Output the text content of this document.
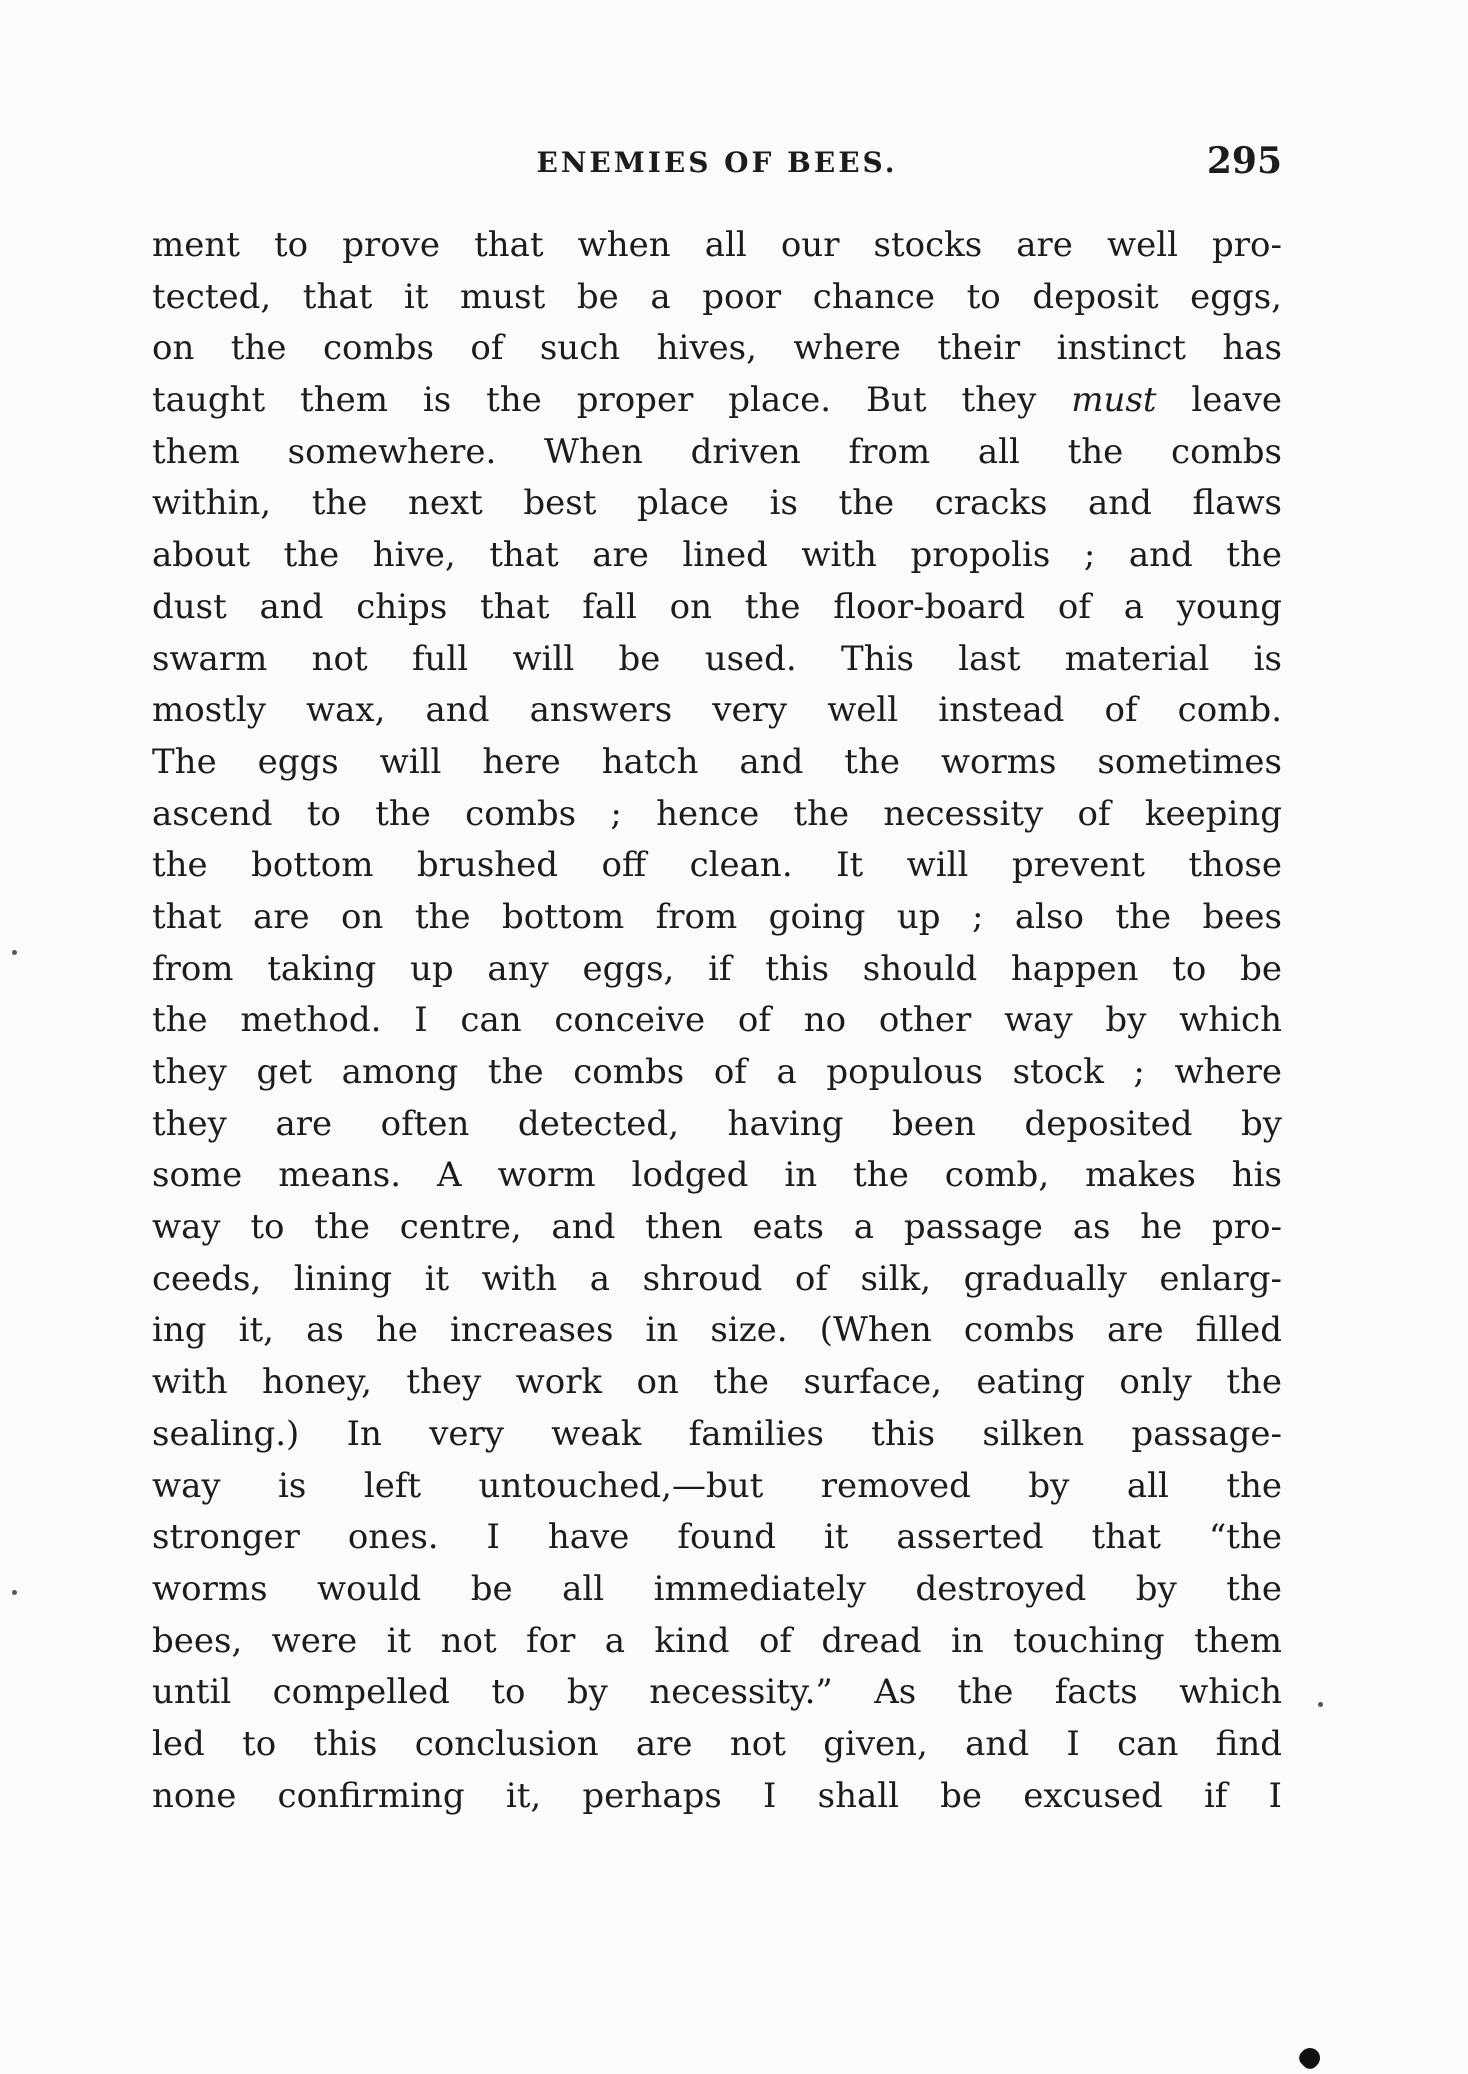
ENEMIES OF BEES.	295
ment to prove that when all our stocks are well pro-
tected, that it must be a poor chance to deposit eggs,
on the combs of such hives, where their instinct has
taught them is the proper place. But they must leave
them somewhere. When driven from all the combs
within, the next best place is the cracks and flaws
about the hive, that are lined with propolis ; and the
dust and chips that fall on the floor-board of a young
swarm not full will be used. This last material is
mostly wax, and answers very well instead of comb.
The eggs will here hatch and the worms sometimes
ascend to the combs ; hence the necessity of keeping
the bottom brushed off clean. It will prevent those
that are on the bottom from going up ; also the bees
from taking up any eggs, if this should happen to be
the method. I can conceive of no other way by which
they get among the combs of a populous stock ; where
they are often detected, having been deposited by
some means. A worm lodged in the comb, makes his
way to the centre, and then eats a passage as he pro-
ceeds, lining it with a shroud of silk, gradually enlarg-
ing it, as he increases in size. (When combs are filled
with honey, they work on the surface, eating only the
sealing.) In very weak families this silken passage-
way is left untouched,—but removed by all the
stronger ones. I have found it asserted that “the
worms would be all immediately destroyed by the
bees, were it not for a kind of dread in touching them
until compelled to by necessity.” As the facts which
led to this conclusion are not given, and I can find
none confirming it, perhaps I shall be excused if I
